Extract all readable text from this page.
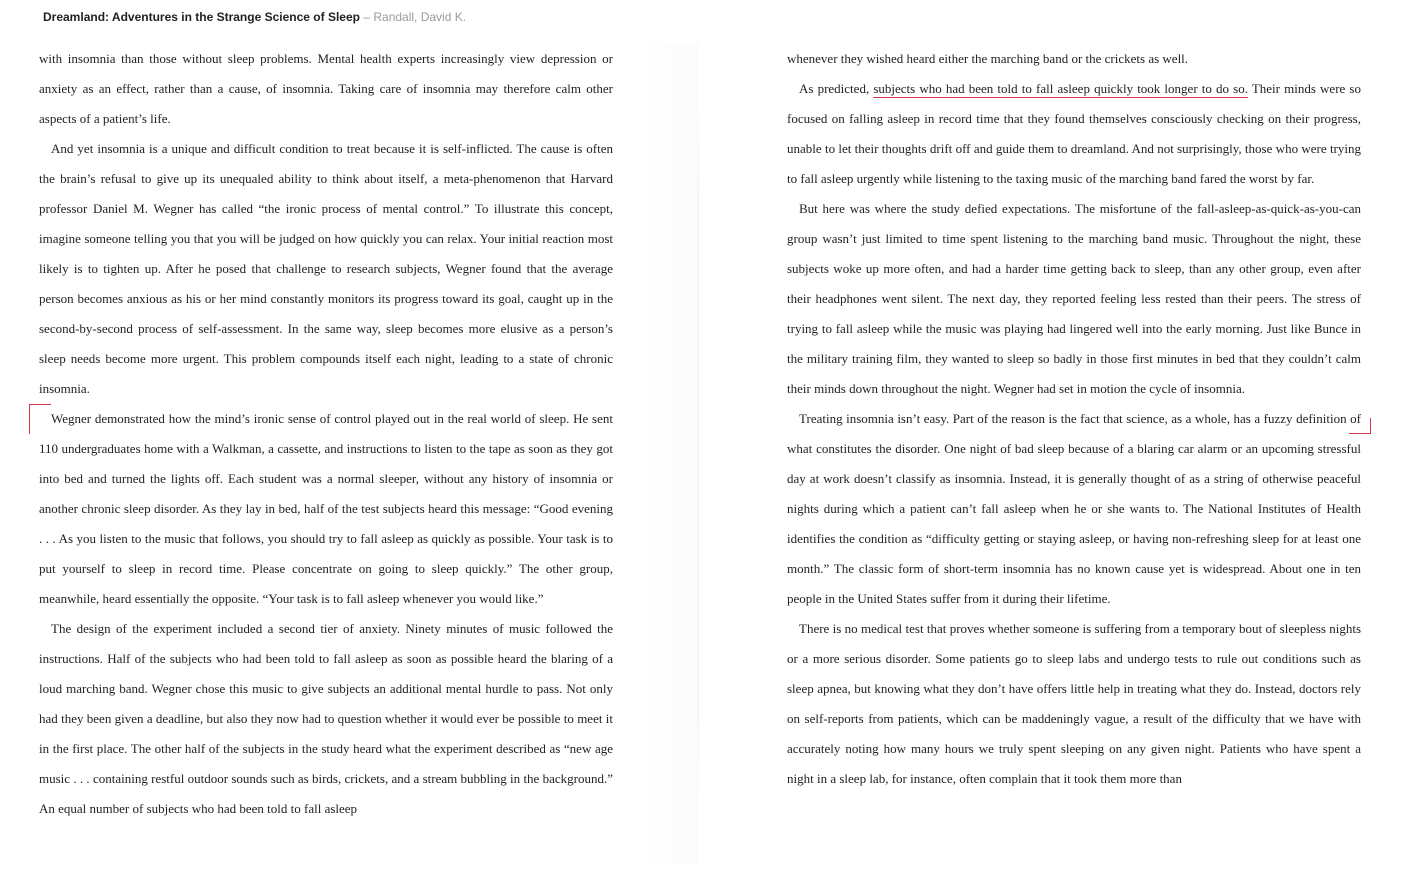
Dreamland: Adventures in the Strange Science of Sleep – Randall, David K.

with insomnia than those without sleep problems. Mental health experts increasingly view depression or anxiety as an effect, rather than a cause, of insomnia. Taking care of insomnia may therefore calm other aspects of a patient’s life.

And yet insomnia is a unique and difficult condition to treat because it is self-inflicted. The cause is often the brain’s refusal to give up its unequaled ability to think about itself, a meta-phenomenon that Harvard professor Daniel M. Wegner has called “the ironic process of mental control.” To illustrate this concept, imagine someone telling you that you will be judged on how quickly you can relax. Your initial reaction most likely is to tighten up. After he posed that challenge to research subjects, Wegner found that the average person becomes anxious as his or her mind constantly monitors its progress toward its goal, caught up in the second-by-second process of self-assessment. In the same way, sleep becomes more elusive as a person’s sleep needs become more urgent. This problem compounds itself each night, leading to a state of chronic insomnia.

Wegner demonstrated how the mind’s ironic sense of control played out in the real world of sleep. He sent 110 undergraduates home with a Walkman, a cassette, and instructions to listen to the tape as soon as they got into bed and turned the lights off. Each student was a normal sleeper, without any history of insomnia or another chronic sleep disorder. As they lay in bed, half of the test subjects heard this message: “Good evening . . . As you listen to the music that follows, you should try to fall asleep as quickly as possible. Your task is to put yourself to sleep in record time. Please concentrate on going to sleep quickly.” The other group, meanwhile, heard essentially the opposite. “Your task is to fall asleep whenever you would like.”

The design of the experiment included a second tier of anxiety. Ninety minutes of music followed the instructions. Half of the subjects who had been told to fall asleep as soon as possible heard the blaring of a loud marching band. Wegner chose this music to give subjects an additional mental hurdle to pass. Not only had they been given a deadline, but also they now had to question whether it would ever be possible to meet it in the first place. The other half of the subjects in the study heard what the experiment described as “new age music . . . containing restful outdoor sounds such as birds, crickets, and a stream bubbling in the background.” An equal number of subjects who had been told to fall asleep

whenever they wished heard either the marching band or the crickets as well.

As predicted, subjects who had been told to fall asleep quickly took longer to do so. Their minds were so focused on falling asleep in record time that they found themselves consciously checking on their progress, unable to let their thoughts drift off and guide them to dreamland. And not surprisingly, those who were trying to fall asleep urgently while listening to the taxing music of the marching band fared the worst by far.

But here was where the study defied expectations. The misfortune of the fall-asleep-as-quick-as-you-can group wasn’t just limited to time spent listening to the marching band music. Throughout the night, these subjects woke up more often, and had a harder time getting back to sleep, than any other group, even after their headphones went silent. The next day, they reported feeling less rested than their peers. The stress of trying to fall asleep while the music was playing had lingered well into the early morning. Just like Bunce in the military training film, they wanted to sleep so badly in those first minutes in bed that they couldn’t calm their minds down throughout the night. Wegner had set in motion the cycle of insomnia.

Treating insomnia isn’t easy. Part of the reason is the fact that science, as a whole, has a fuzzy definition of what constitutes the disorder. One night of bad sleep because of a blaring car alarm or an upcoming stressful day at work doesn’t classify as insomnia. Instead, it is generally thought of as a string of otherwise peaceful nights during which a patient can’t fall asleep when he or she wants to. The National Institutes of Health identifies the condition as “difficulty getting or staying asleep, or having non-refreshing sleep for at least one month.” The classic form of short-term insomnia has no known cause yet is widespread. About one in ten people in the United States suffer from it during their lifetime.

There is no medical test that proves whether someone is suffering from a temporary bout of sleepless nights or a more serious disorder. Some patients go to sleep labs and undergo tests to rule out conditions such as sleep apnea, but knowing what they don’t have offers little help in treating what they do. Instead, doctors rely on self-reports from patients, which can be maddeningly vague, a result of the difficulty that we have with accurately noting how many hours we truly spent sleeping on any given night. Patients who have spent a night in a sleep lab, for instance, often complain that it took them more than
